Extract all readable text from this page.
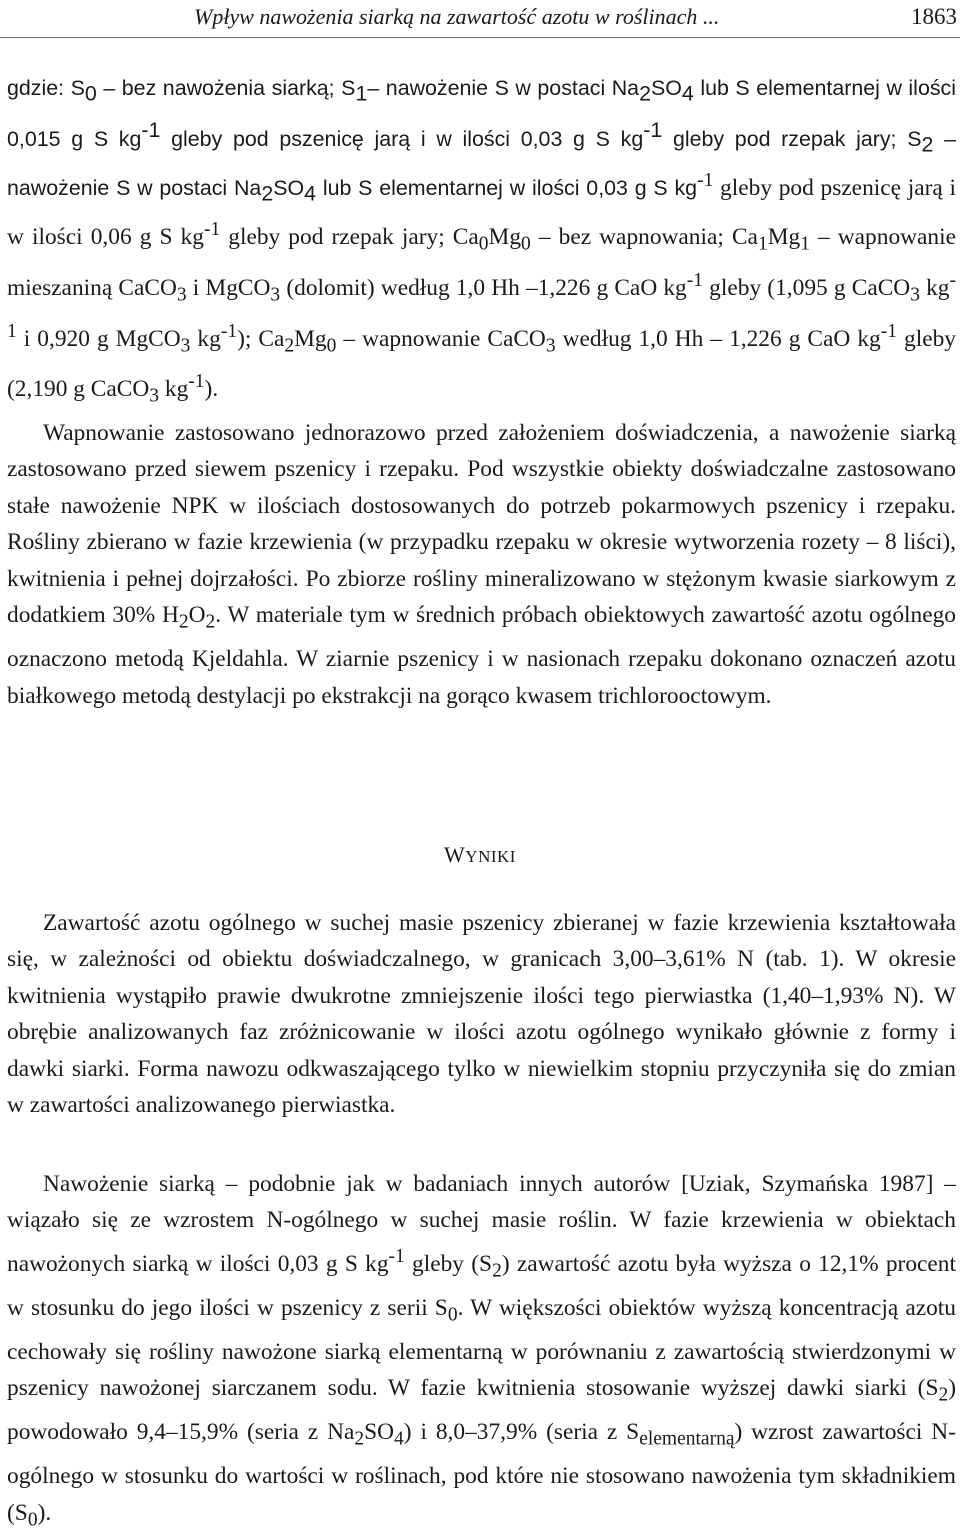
Wpływ nawożenia siarką na zawartość azotu w roślinach ...	1863

gdzie: $S_0$ – bez nawożenia siarką; $S_1-$ nawożenie S w postaci $Na_2SO_4$ lub S elementarnej w ilości 0,015 g S $kg^{-1}$ gleby pod pszenicę jarą i w ilości 0,03 g S $kg^{-1}$ gleby pod rzepak jary; $S_2$ – nawożenie S w postaci $Na_2SO_4$ lub S elementarnej w ilości 0,03 g S $kg^{-1}$ gleby pod pszenicę jarą i w ilości 0,06 g S $kg^{-1}$ gleby pod rzepak jary; $Ca_0Mg_0$ – bez wapnowania; $Ca_1Mg_1$ – wapnowanie mieszaniną CaCO$_3$ i MgCO$_3$ (dolomit) według 1,0 Hh –1,226 g CaO $kg^{-1}$ gleby (1,095 g CaCO$_3$ $kg^{-1}$ i 0,920 g MgCO$_3$ $kg^{-1}$); $Ca_2Mg_0$ – wapnowanie CaCO$_3$ według 1,0 Hh – 1,226 g CaO $kg^{-1}$ gleby (2,190 g CaCO$_3$ $kg^{-1}$).

Wapnowanie zastosowano jednorazowo przed założeniem doświadczenia, a nawożenie siarką zastosowano przed siewem pszenicy i rzepaku. Pod wszystkie obiekty doświadczalne zastosowano stałe nawożenie NPK w ilościach dostosowanych do potrzeb pokarmowych pszenicy i rzepaku. Rośliny zbierano w fazie krzewienia (w przypadku rzepaku w okresie wytworzenia rozety – 8 liści), kwitnienia i pełnej dojrzałości. Po zbiorze rośliny mineralizowano w stężonym kwasie siarkowym z dodatkiem 30% $H_2O_2$. W materiale tym w średnich próbach obiektowych zawartość azotu ogólnego oznaczono metodą Kjeldahla. W ziarnie pszenicy i w nasionach rzepaku dokonano oznaczeń azotu białkowego metodą destylacji po ekstrakcji na gorąco kwasem trichlorooctowym.

WYNIKI

Zawartość azotu ogólnego w suchej masie pszenicy zbieranej w fazie krzewienia kształtowała się, w zależności od obiektu doświadczalnego, w granicach 3,00–3,61% N (tab. 1). W okresie kwitnienia wystąpiło prawie dwukrotne zmniejszenie ilości tego pierwiastka (1,40–1,93% N). W obrębie analizowanych faz zróżnicowanie w ilości azotu ogólnego wynikało głównie z formy i dawki siarki. Forma nawozu odkwaszającego tylko w niewielkim stopniu przyczyniła się do zmian w zawartości analizowanego pierwiastka.

Nawożenie siarką – podobnie jak w badaniach innych autorów [Uziak, Szymańska 1987] – wiązało się ze wzrostem N-ogólnego w suchej masie roślin. W fazie krzewienia w obiektach nawożonych siarką w ilości 0,03 g S $kg^{-1}$ gleby $(S_2)$ zawartość azotu była wyższa o 12,1% procent w stosunku do jego ilości w pszenicy z serii $S_0$. W większości obiektów wyższą koncentracją azotu cechowały się rośliny nawożone siarką elementarną w porównaniu z zawartością stwierdzonymi w pszenicy nawożonej siarczanem sodu. W fazie kwitnienia stosowanie wyższej dawki siarki $(S_2)$ powodowało 9,4–15,9% (seria z $Na_2SO_4$) i 8,0–37,9% (seria z $S_{elementarną}$) wzrost zawartości N-ogólnego w stosunku do wartości w roślinach, pod które nie stosowano nawożenia tym składnikiem $(S_0)$.
